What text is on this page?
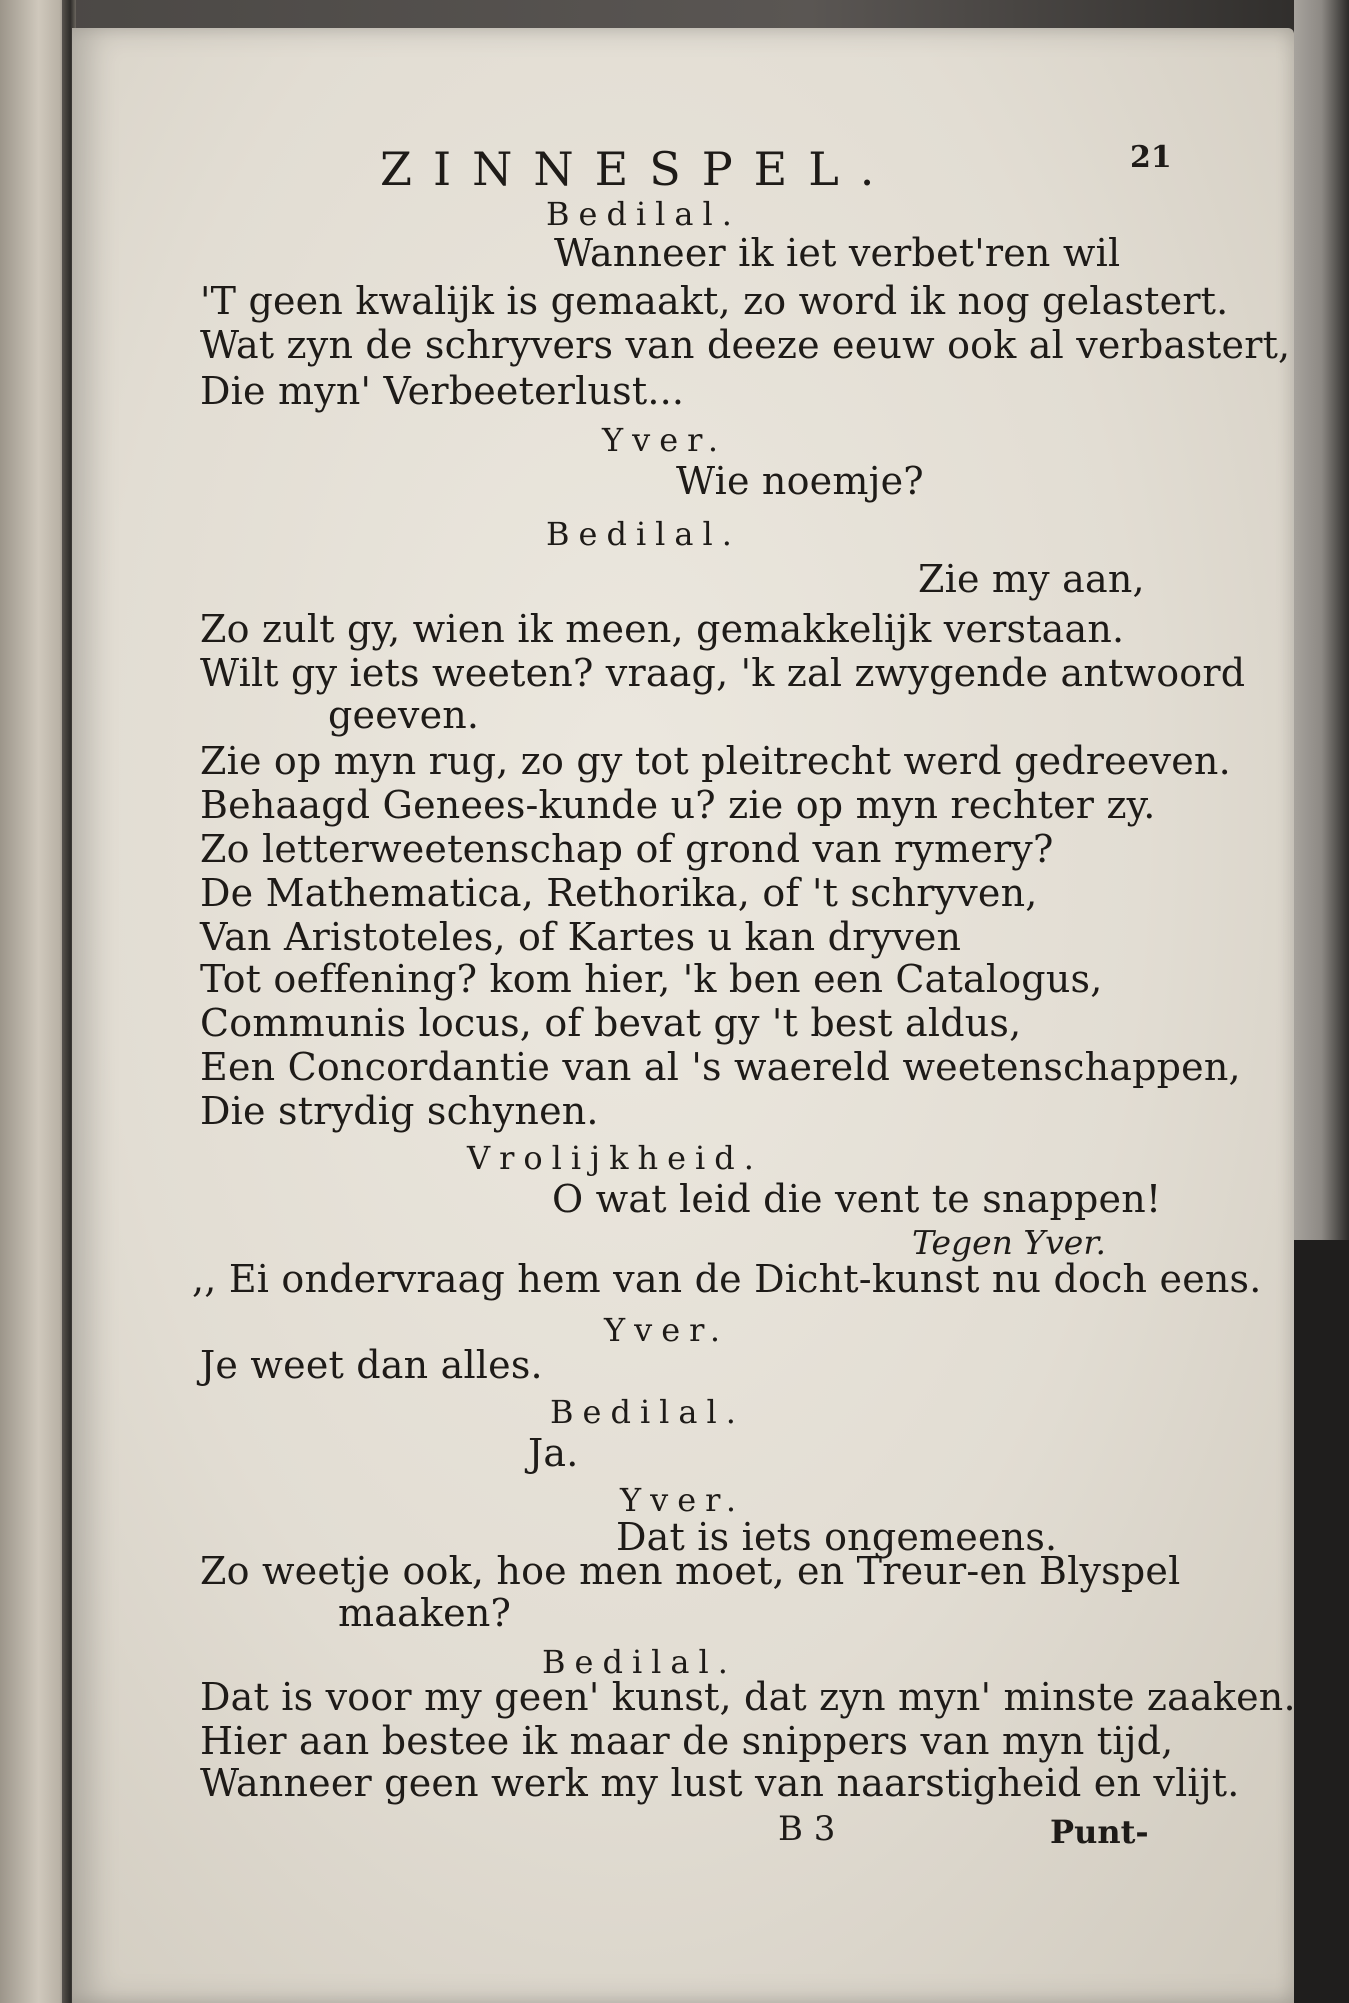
ZINNESPEL.	21
Bedilal.
Wanneer ik iet verbet'ren wil
'T geen kwalijk is gemaakt, zo word ik nog gelastert.
Wat zyn de schryvers van deeze eeuw ook al verbastert,
Die myn' Verbeeterlust...
Yver.
Wie noemje?
Bedilal.
Zie my aan,
Zo zult gy, wien ik meen, gemakkelijk verstaan.
Wilt gy iets weeten? vraag, 'k zal zwygende antwoord
geeven.
Zie op myn rug, zo gy tot pleitrecht werd gedreeven.
Behaagd Genees-kunde u? zie op myn rechter zy.
Zo letterweetenschap of grond van rymery?
De Mathematica, Rethorika, of 't schryven,
Van Aristoteles, of Kartes u kan dryven
Tot oeffening? kom hier, 'k ben een Catalogus,
Communis locus, of bevat gy 't best aldus,
Een Concordantie van al 's waereld weetenschappen,
Die strydig schynen.
Vrolijkheid.
O wat leid die vent te snappen!
Tegen Yver.
,, Ei ondervraag hem van de Dicht-kunst nu doch eens.
Yver.
Je weet dan alles.
Bedilal.
Ja.
Yver.
Dat is iets ongemeens.
Zo weetje ook, hoe men moet, en Treur-en Blyspel
maaken?
Bedilal.
Dat is voor my geen' kunst, dat zyn myn' minste zaaken.
Hier aan bestee ik maar de snippers van myn tijd,
Wanneer geen werk my lust van naarstigheid en vlijt.
B 3	Punt-
